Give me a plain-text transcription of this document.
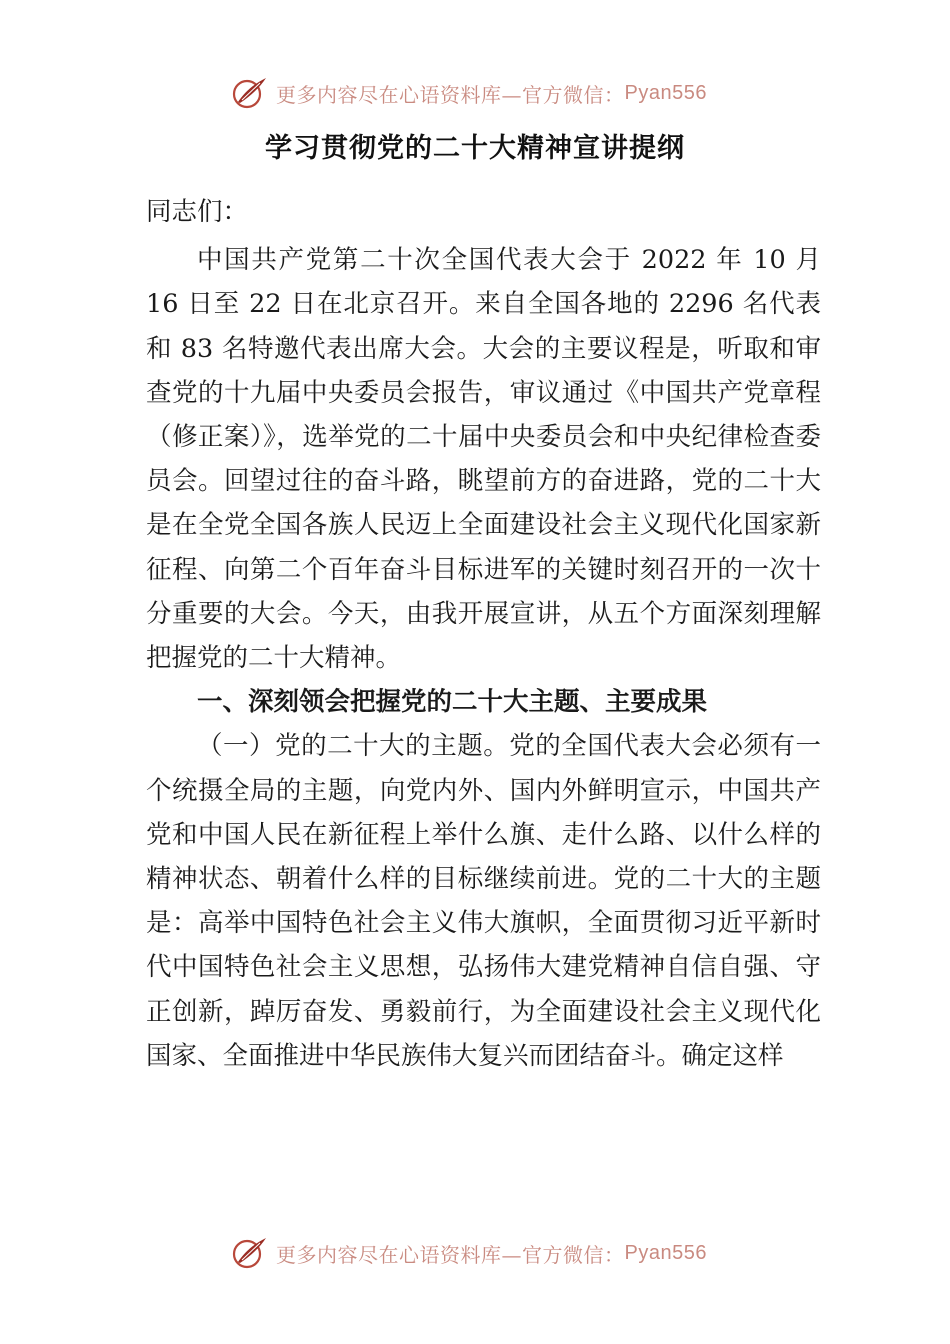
更多内容尽在心语资料库—官方微信： Pyan556
学习贯彻党的二十大精神宣讲提纲

同志们：

中国共产党第二十次全国代表大会于 2022 年 10 月 16 日至 22 日在北京召开。来自全国各地的 2296 名代表和 83 名特邀代表出席大会。大会的主要议程是，听取和审查党的十九届中央委员会报告，审议通过《中国共产党章程（修正案）》，选举党的二十届中央委员会和中央纪律检查委员会。回望过往的奋斗路，眺望前方的奋进路，党的二十大是在全党全国各族人民迈上全面建设社会主义现代化国家新征程、向第二个百年奋斗目标进军的关键时刻召开的一次十分重要的大会。今天，由我开展宣讲，从五个方面深刻理解把握党的二十大精神。

一、深刻领会把握党的二十大主题、主要成果

（一）党的二十大的主题。党的全国代表大会必须有一个统摄全局的主题，向党内外、国内外鲜明宣示，中国共产党和中国人民在新征程上举什么旗、走什么路、以什么样的精神状态、朝着什么样的目标继续前进。党的二十大的主题是：高举中国特色社会主义伟大旗帜，全面贯彻习近平新时代中国特色社会主义思想，弘扬伟大建党精神自信自强、守正创新，踔厉奋发、勇毅前行，为全面建设社会主义现代化国家、全面推进中华民族伟大复兴而团结奋斗。确定这样

更多内容尽在心语资料库—官方微信： Pyan556
